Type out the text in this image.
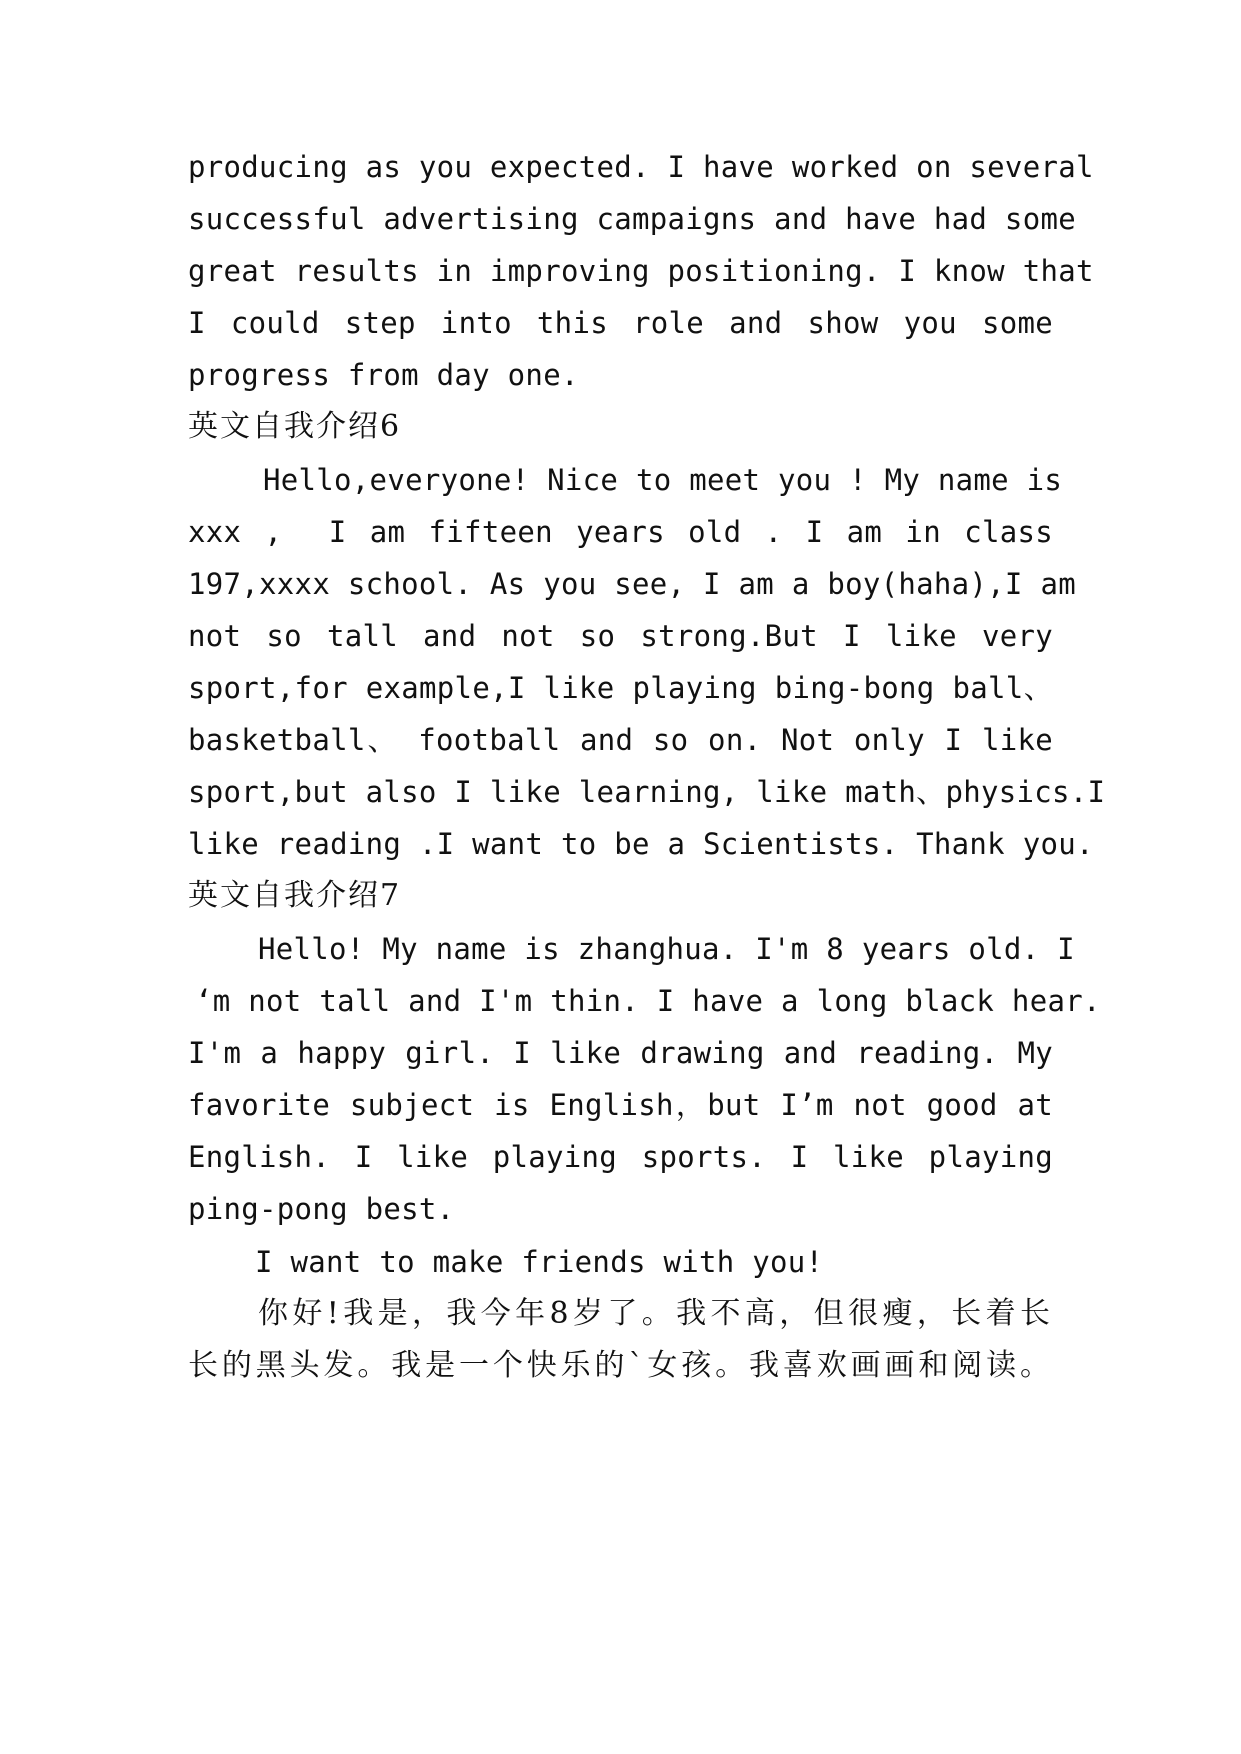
producing as you expected. I have worked on several
successful advertising campaigns and have had some
great results in improving positioning. I know that
I could step into this role and show you some
progress from day one.
英文自我介绍6
Hello,everyone! Nice to meet you ! My name is
xxx ,  I am fifteen years old . I am in class
197,xxxx school. As you see, I am a boy(haha),I am
not so tall and not so strong.But I like very
sport,for example,I like playing bing-bong ball、
basketball、 football and so on. Not only I like
sport,but also I like learning, like math、physics.I
like reading .I want to be a Scientists. Thank you.
英文自我介绍7
Hello! My name is zhanghua. I'm 8 years old. I
‘m not tall and I'm thin. I have a long black hear.
I'm a happy girl. I like drawing and reading. My
favorite subject is English，but I’m not good at
English. I like playing sports. I like playing
ping-pong best.
I want to make friends with you!
你好!我是，我今年8岁了。我不高，但很瘦，长着长
长的黑头发。我是一个快乐的`女孩。我喜欢画画和阅读。
